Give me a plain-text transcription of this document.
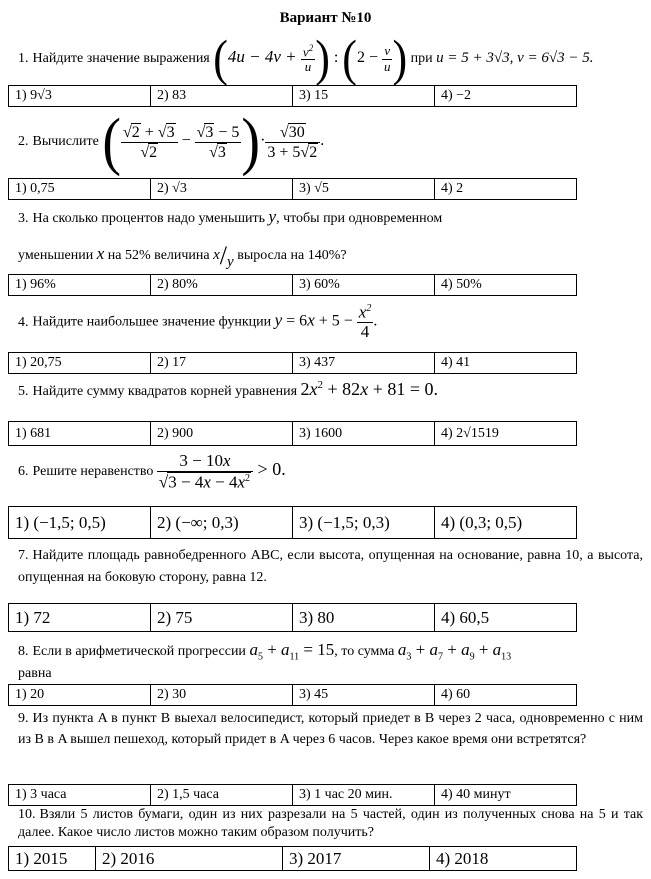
Вариант №10
1. Найдите значение выражения ($4u - 4v + \frac{v^2}{u}$ ) : ($2 - \frac{v}{u}$ ) при u = 5 + 3√3, v = 6√3 − 5.
1) 9√3	2) 83	3) 15	4) −2
2. Вычислите ( $\frac{√2 + √3}{√2} - \frac{√3 - 5}{√3}$ )· $\frac{√30}{3 + 5√2}$ .
1) 0,75	2) √3	3) √5	4) 2
3. На сколько процентов надо уменьшить y, чтобы при одновременном
уменьшении x на 52% величина x/y выросла на 140%?
1) 96%	2) 80%	3) 60%	4) 50%
4. Найдите наибольшее значение функции $y = 6x + 5 - \frac{x^2}{4}$ .
1) 20,75	2) 17	3) 437	4) 41
5. Найдите сумму квадратов корней уравнения $2x^2 + 82x + 81 = 0$.
1) 681	2) 900	3) 1600	4) 2√1519
6. Решите неравенство $\frac{3 - 10x}{√3 - 4x - 4x^2} > 0$.
1) (−1,5; 0,5)	2) (−∞; 0,3)	3) (−1,5; 0,3)	4) (0,3; 0,5)
7. Найдите площадь равнобедренного ABC, если высота, опущенная на основание, равна 10, а высота, опущенная на боковую сторону, равна 12.
1) 72	2) 75	3) 80	4) 60,5
8. Если в арифметической прогрессии $a_5 + a_{11} = 15$, то сумма $a_3 + a_7 + a_9 + a_{13}$
равна
1) 20	2) 30	3) 45	4) 60
9. Из пункта A в пункт B выехал велосипедист, который приедет в B через 2 часа, одновременно с ним из B в A вышел пешеход, который придет в A через 6 часов. Через какое время они встретятся?
1) 3 часа	2) 1,5 часа	3) 1 час 20 мин.	4) 40 минут
10. Взяли 5 листов бумаги, один из них разрезали на 5 частей, один из полученных снова на 5 и так далее. Какое число листов можно таким образом получить?
1) 2015	2) 2016	3) 2017	4) 2018
